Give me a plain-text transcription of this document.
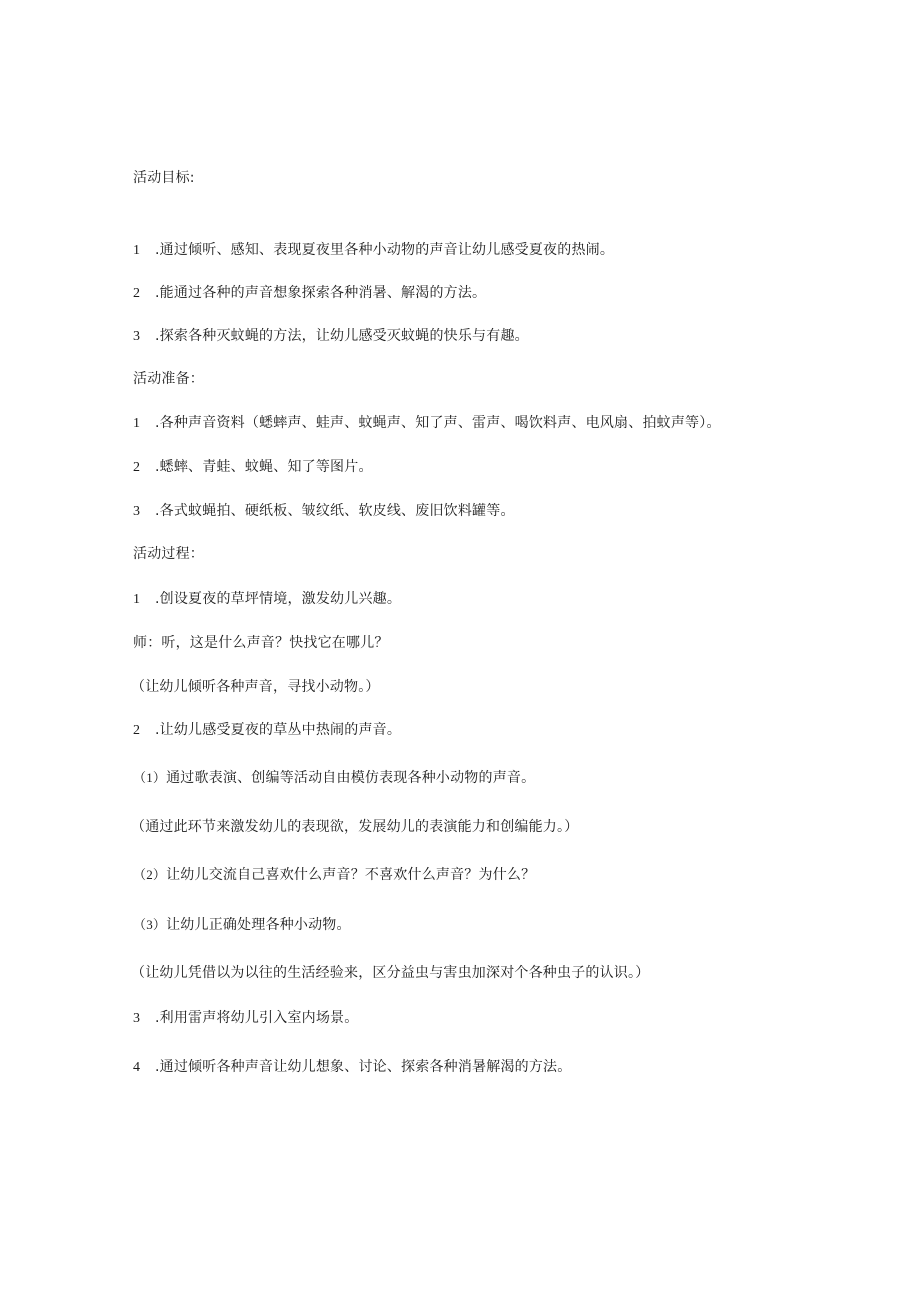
活动目标:
1 .通过倾听、感知、表现夏夜里各种小动物的声音让幼儿感受夏夜的热闹。
2 .能通过各种的声音想象探索各种消暑、解渴的方法。
3 .探索各种灭蚊蝇的方法，让幼儿感受灭蚊蝇的快乐与有趣。
活动准备：
1 .各种声音资料（蟋蟀声、蛙声、蚊蝇声、知了声、雷声、喝饮料声、电风扇、拍蚊声等）。
2 .蟋蟀、青蛙、蚊蝇、知了等图片。
3 .各式蚊蝇拍、硬纸板、皱纹纸、软皮线、废旧饮料罐等。
活动过程：
1 .创设夏夜的草坪情境，激发幼儿兴趣。
师：听，这是什么声音？快找它在哪儿？
（让幼儿倾听各种声音，寻找小动物。）
2 .让幼儿感受夏夜的草丛中热闹的声音。
（1）通过歌表演、创编等活动自由模仿表现各种小动物的声音。
（通过此环节来激发幼儿的表现欲，发展幼儿的表演能力和创编能力。）
（2）让幼儿交流自己喜欢什么声音？不喜欢什么声音？为什么？
（3）让幼儿正确处理各种小动物。
（让幼儿凭借以为以往的生活经验来，区分益虫与害虫加深对个各种虫子的认识。）
3 .利用雷声将幼儿引入室内场景。
4 .通过倾听各种声音让幼儿想象、讨论、探索各种消暑解渴的方法。
